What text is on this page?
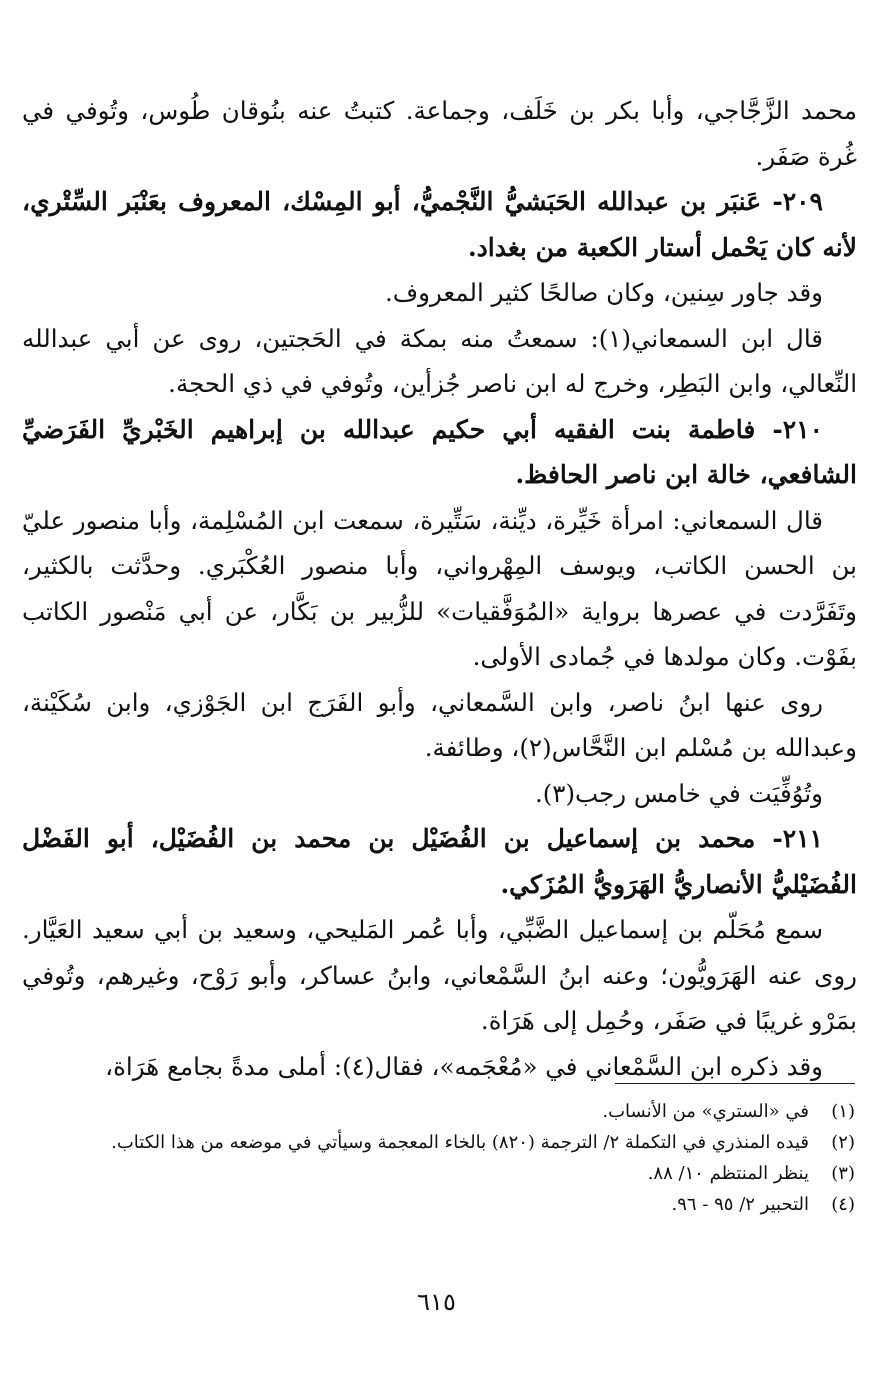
محمد الزَّجَّاجي، وأبا بكر بن خَلَف، وجماعة. كتبتُ عنه بنُوقان طُوس، وتُوفي في غُرة صَفَر.

٢٠٩- عَنبَر بن عبدالله الحَبَشيُّ النَّجْميُّ، أبو المِسْك، المعروف بعَنْبَر السِّتْري، لأنه كان يَحْمل أستار الكعبة من بغداد.

وقد جاور سِنين، وكان صالحًا كثير المعروف.

قال ابن السمعاني(١): سمعتُ منه بمكة في الحَجتين، روى عن أبي عبدالله النِّعالي، وابن البَطِر، وخرج له ابن ناصر جُزأين، وتُوفي في ذي الحجة.

٢١٠- فاطمة بنت الفقيه أبي حكيم عبدالله بن إبراهيم الخَبْريِّ الفَرَضيِّ الشافعي، خالة ابن ناصر الحافظ.

قال السمعاني: امرأة خَيِّرة، ديِّنة، سَتِّيرة، سمعت ابن المُسْلِمة، وأبا منصور عليّ بن الحسن الكاتب، ويوسف المِهْرواني، وأبا منصور العُكْبَري. وحدَّثت بالكثير، وتَفَرَّدت في عصرها برواية «المُوَفَّقيات» للزُّبير بن بَكَّار، عن أبي مَنْصور الكاتب بفَوْت. وكان مولدها في جُمادى الأولى.

روى عنها ابنُ ناصر، وابن السَّمعاني، وأبو الفَرَج ابن الجَوْزي، وابن سُكَيْنة، وعبدالله بن مُسْلم ابن النَّحَّاس(٢)، وطائفة.

وتُوُفِّيَت في خامس رجب(٣).

٢١١- محمد بن إسماعيل بن الفُضَيْل بن محمد بن الفُضَيْل، أبو الفَضْل الفُضَيْليُّ الأنصاريُّ الهَرَويُّ المُزَكي.

سمع مُحَلّم بن إسماعيل الضَّبِّي، وأبا عُمر المَليحي، وسعيد بن أبي سعيد العَيَّار. روى عنه الهَرَويُّون؛ وعنه ابنُ السَّمْعاني، وابنُ عساكر، وأبو رَوْح، وغيرهم، وتُوفي بمَرْو غريبًا في صَفَر، وحُمِل إلى هَرَاة.

وقد ذكره ابن السَّمْعاني في «مُعْجَمه»، فقال(٤): أملى مدةً بجامع هَرَاة،

(١)
في «الستري» من الأنساب.
(٢)
قيده المنذري في التكملة ٢/ الترجمة (٨٢٠) بالخاء المعجمة وسيأتي في موضعه من هذا الكتاب.
(٣)
ينظر المنتظم ١٠/ ٨٨.
(٤)
التحبير ٢/ ٩٥ - ٩٦.
٦١٥
